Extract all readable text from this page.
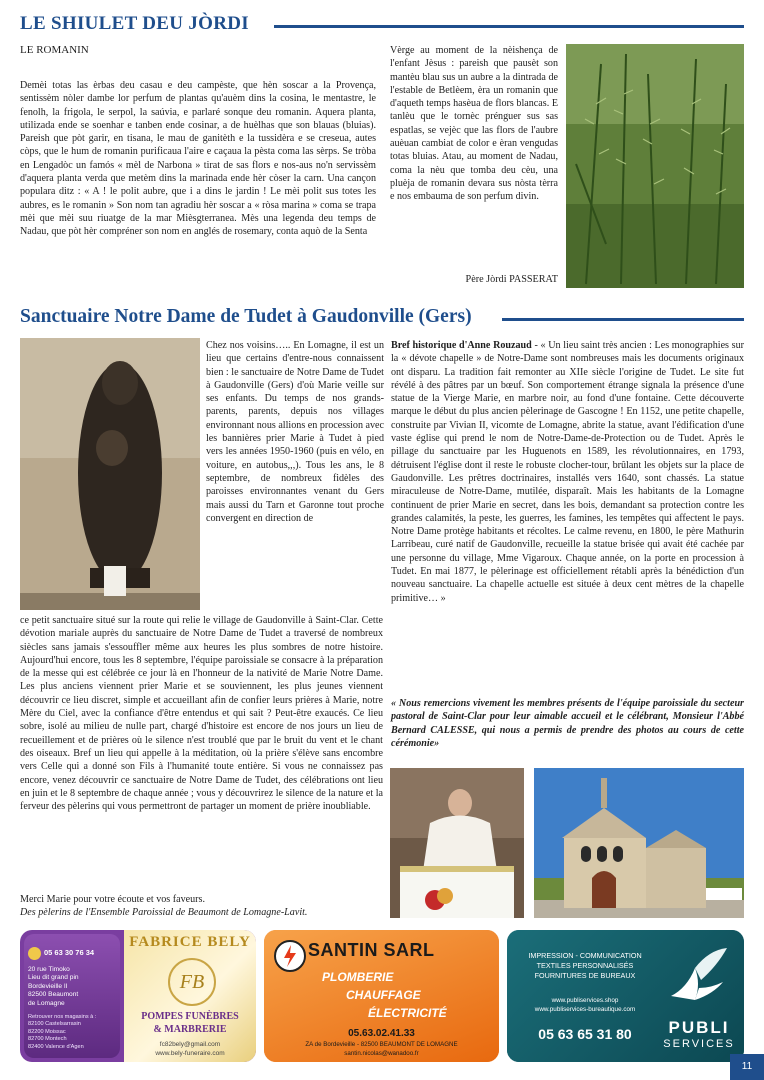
LE SHIULET DEU JÒRDI
LE ROMANIN

Demèi totas las èrbas deu casau e deu campèste, que hèn soscar a la Provença, sentissèm nòler dambe lor perfum de plantas qu'auèm dins la cosina, le mentastre, le fenolh, la frigola, le serpol, la saúvia, e parlaré sonque deu romanin. Aquera planta, utilizada ende se soenhar e tanben ende cosinar, a de huèlhas que son blauas (bluias). Pareish que pòt garir, en tisana, le mau de ganitèth e la tussidèra e se creseua, autes còps, que le hum de romanin purificaua l'aire e caçaua la pèsta coma las sèrps. Se tròba en Lengadòc un famós « mèl de Narbona » tirat de sas flors e nos-aus no'n servissèm d'aquera planta verda que metèm dins la marinada ende hèr còser la carn. Una cançon populara ditz : « A ! le polit aubre, que i a dins le jardin ! Le mèi polit sus totes les aubres, es le romanin » Son nom tan agradiu hèr soscar a « ròsa marina » coma se trapa mèi que mèi suu riuatge de la mar Mièsgterranea. Mès una legenda deu temps de Nadau, que pòt hèr compréner son nom en anglés de rosemary, conta aquò de la Senta

Vèrge au moment de la nèishença de l'enfant Jèsus : pareish que pausèt son mantèu blau sus un aubre a la dintrada de l'estable de Betlèem, èra un romanin que d'aqueth temps hasèua de flors blancas. E tanlèu que le tornèc prénguer sus sas espatlas, se vejèc que las flors de l'aubre auèuan cambiat de color e èran vengudas totas bluias. Atau, au moment de Nadau, coma la nèu que tomba deu cèu, una pluèja de romanin devara sus nòsta tèrra e nos embauma de son perfum divin.

Père Jòrdi PASSERAT
Sanctuaire Notre Dame de Tudet à Gaudonville (Gers)

Chez nos voisins….. En Lomagne, il est un lieu que certains d'entre-nous connaissent bien : le sanctuaire de Notre Dame de Tudet à Gaudonville (Gers) d'où Marie veille sur ses enfants. Du temps de nos grands-parents, parents, depuis nos villages environnant nous allions en procession avec les bannières prier Marie à Tudet à pied vers les années 1950-1960 (puis en vélo, en voiture, en autobus,,,). Tous les ans, le 8 septembre, de nombreux fidèles des paroisses environnantes venant du Gers mais aussi du Tarn et Garonne tout proche convergent en direction de

ce petit sanctuaire situé sur la route qui relie le village de Gaudonville à Saint-Clar. Cette dévotion mariale auprès du sanctuaire de Notre Dame de Tudet a traversé de nombreux siècles sans jamais s'essouffler même aux heures les plus sombres de notre histoire. Aujourd'hui encore, tous les 8 septembre, l'équipe paroissiale se consacre à la préparation de la messe qui est célébrée ce jour là en l'honneur de la nativité de Marie Notre Dame. Les plus anciens viennent prier Marie et se souviennent, les plus jeunes viennent découvrir ce lieu discret, simple et accueillant afin de confier leurs prières à Marie, notre Mère du Ciel, avec la confiance d'être entendus et qui sait ? Peut-être exaucés. Ce lieu sobre, isolé au milieu de nulle part, chargé d'histoire est encore de nos jours un lieu de recueillement et de prières où le silence n'est troublé que par le bruit du vent et le chant des oiseaux. Bref un lieu qui appelle à la méditation, où la prière s'élève sans encombre vers Celle qui a donné son Fils à l'humanité toute entière. Si vous ne connaissez pas encore, venez découvrir ce sanctuaire de Notre Dame de Tudet, des célébrations ont lieu en juin et le 8 septembre de chaque année ; vous y découvrirez le silence de la nature et la ferveur des pèlerins qui vous permettront de partager un moment de prière inoubliable.

Merci Marie pour votre écoute et vos faveurs.
Des pèlerins de l'Ensemble Paroissial de Beaumont de Lomagne-Lavit.

Bref historique d'Anne Rouzaud - « Un lieu saint très ancien : Les monographies sur la « dévote chapelle » de Notre-Dame sont nombreuses mais les documents originaux ont disparu. La tradition fait remonter au XIIe siècle l'origine de Tudet. Le site fut révélé à des pâtres par un bœuf. Son comportement étrange signala la présence d'une statue de la Vierge Marie, en marbre noir, au fond d'une fontaine. Cette découverte marque le début du plus ancien pèlerinage de Gascogne ! En 1152, une petite chapelle, construite par Vivian II, vicomte de Lomagne, abrite la statue, avant l'édification d'une vaste église qui prend le nom de Notre-Dame-de-Protection ou de Tudet. Après le pillage du sanctuaire par les Huguenots en 1589, les révolutionnaires, en 1793, détruisent l'église dont il reste le robuste clocher-tour, brûlant les objets sur la place de Gaudonville. Les prêtres doctrinaires, installés vers 1640, sont chassés. La statue miraculeuse de Notre-Dame, mutilée, disparaît. Mais les habitants de la Lomagne continuent de prier Marie en secret, dans les bois, demandant sa protection contre les grandes calamités, la peste, les guerres, les famines, les tempêtes qui affectent le pays. Notre Dame protège habitants et récoltes. Le calme revenu, en 1800, le père Mathurin Larribeau, curé natif de Gaudonville, recueille la statue brisée qui avait été cachée par une personne du village, Mme Vigaroux. Chaque année, on la porte en procession à Tudet. En mai 1877, le pèlerinage est officiellement rétabli après la bénédiction d'un nouveau sanctuaire. La chapelle actuelle est située à deux cent mètres de la chapelle primitive… »

« Nous remercions vivement les membres présents de l'équipe paroissiale du secteur pastoral de Saint-Clar pour leur aimable accueil et le célébrant, Monsieur l'Abbé Bernard CALESSE, qui nous a permis de prendre des photos au cours de cette cérémonie»

05 63 30 76 34
20 rue Timoko
Lieu dit grand pin
Bordevieille II
82500 Beaumont
de Lomagne
Retrouver nos magasins à :
82100 Castelsarrasin
82200 Moissac
82700 Montech
82400 Valence d'Agen
FABRICE BELY
FB
POMPES FUNÈBRES
& MARBRERIE
fc82bely@gmail.com
www.bely-funeraire.com
SANTIN SARL
PLOMBERIE
CHAUFFAGE
ÉLECTRICITÉ
05.63.02.41.33
ZA de Bordevieille - 82500 BEAUMONT DE LOMAGNE
santin.nicolas@wanadoo.fr
IMPRESSION - COMMUNICATION
TEXTILES PERSONNALISÉS
FOURNITURES DE BUREAUX
www.publiservices.shop
www.publiservices-bureautique.com
05 63 65 31 80	PUBLI
SERVICES
11
